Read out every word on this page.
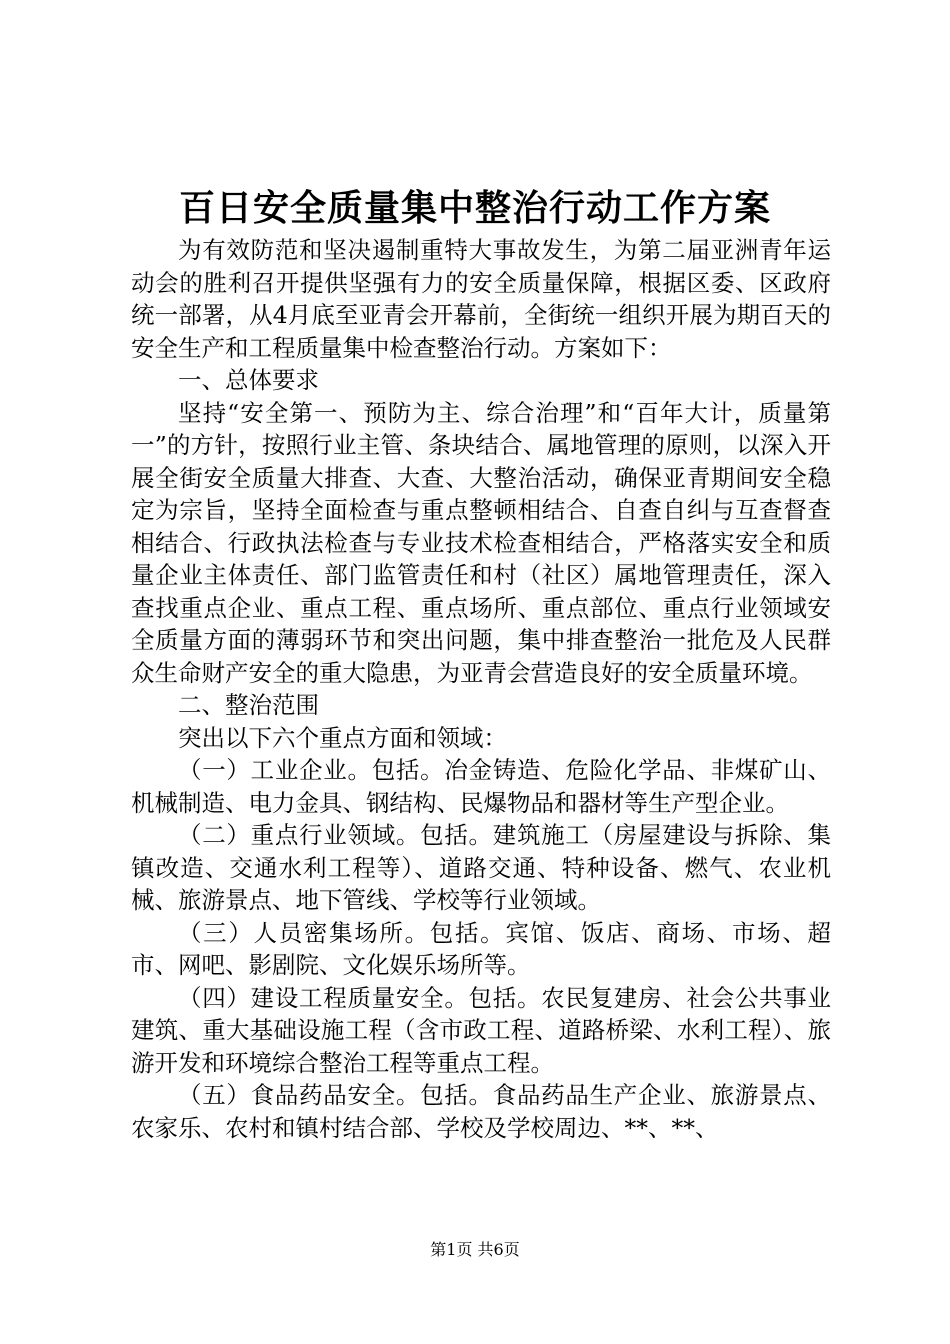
百日安全质量集中整治行动工作方案

为有效防范和坚决遏制重特大事故发生，为第二届亚洲青年运动会的胜利召开提供坚强有力的安全质量保障，根据区委、区政府统一部署，从4月底至亚青会开幕前，全街统一组织开展为期百天的安全生产和工程质量集中检查整治行动。方案如下：

一、总体要求

坚持“安全第一、预防为主、综合治理”和“百年大计，质量第一”的方针，按照行业主管、条块结合、属地管理的原则，以深入开展全街安全质量大排查、大查、大整治活动，确保亚青期间安全稳定为宗旨，坚持全面检查与重点整顿相结合、自查自纠与互查督查相结合、行政执法检查与专业技术检查相结合，严格落实安全和质量企业主体责任、部门监管责任和村（社区）属地管理责任，深入查找重点企业、重点工程、重点场所、重点部位、重点行业领域安全质量方面的薄弱环节和突出问题，集中排查整治一批危及人民群众生命财产安全的重大隐患，为亚青会营造良好的安全质量环境。

二、整治范围

突出以下六个重点方面和领域：

（一）工业企业。包括。冶金铸造、危险化学品、非煤矿山、机械制造、电力金具、钢结构、民爆物品和器材等生产型企业。

（二）重点行业领域。包括。建筑施工（房屋建设与拆除、集镇改造、交通水利工程等）、道路交通、特种设备、燃气、农业机械、旅游景点、地下管线、学校等行业领域。

（三）人员密集场所。包括。宾馆、饭店、商场、市场、超市、网吧、影剧院、文化娱乐场所等。

（四）建设工程质量安全。包括。农民复建房、社会公共事业建筑、重大基础设施工程（含市政工程、道路桥梁、水利工程）、旅游开发和环境综合整治工程等重点工程。

（五）食品药品安全。包括。食品药品生产企业、旅游景点、农家乐、农村和镇村结合部、学校及学校周边、**、**、

第1页 共6页
